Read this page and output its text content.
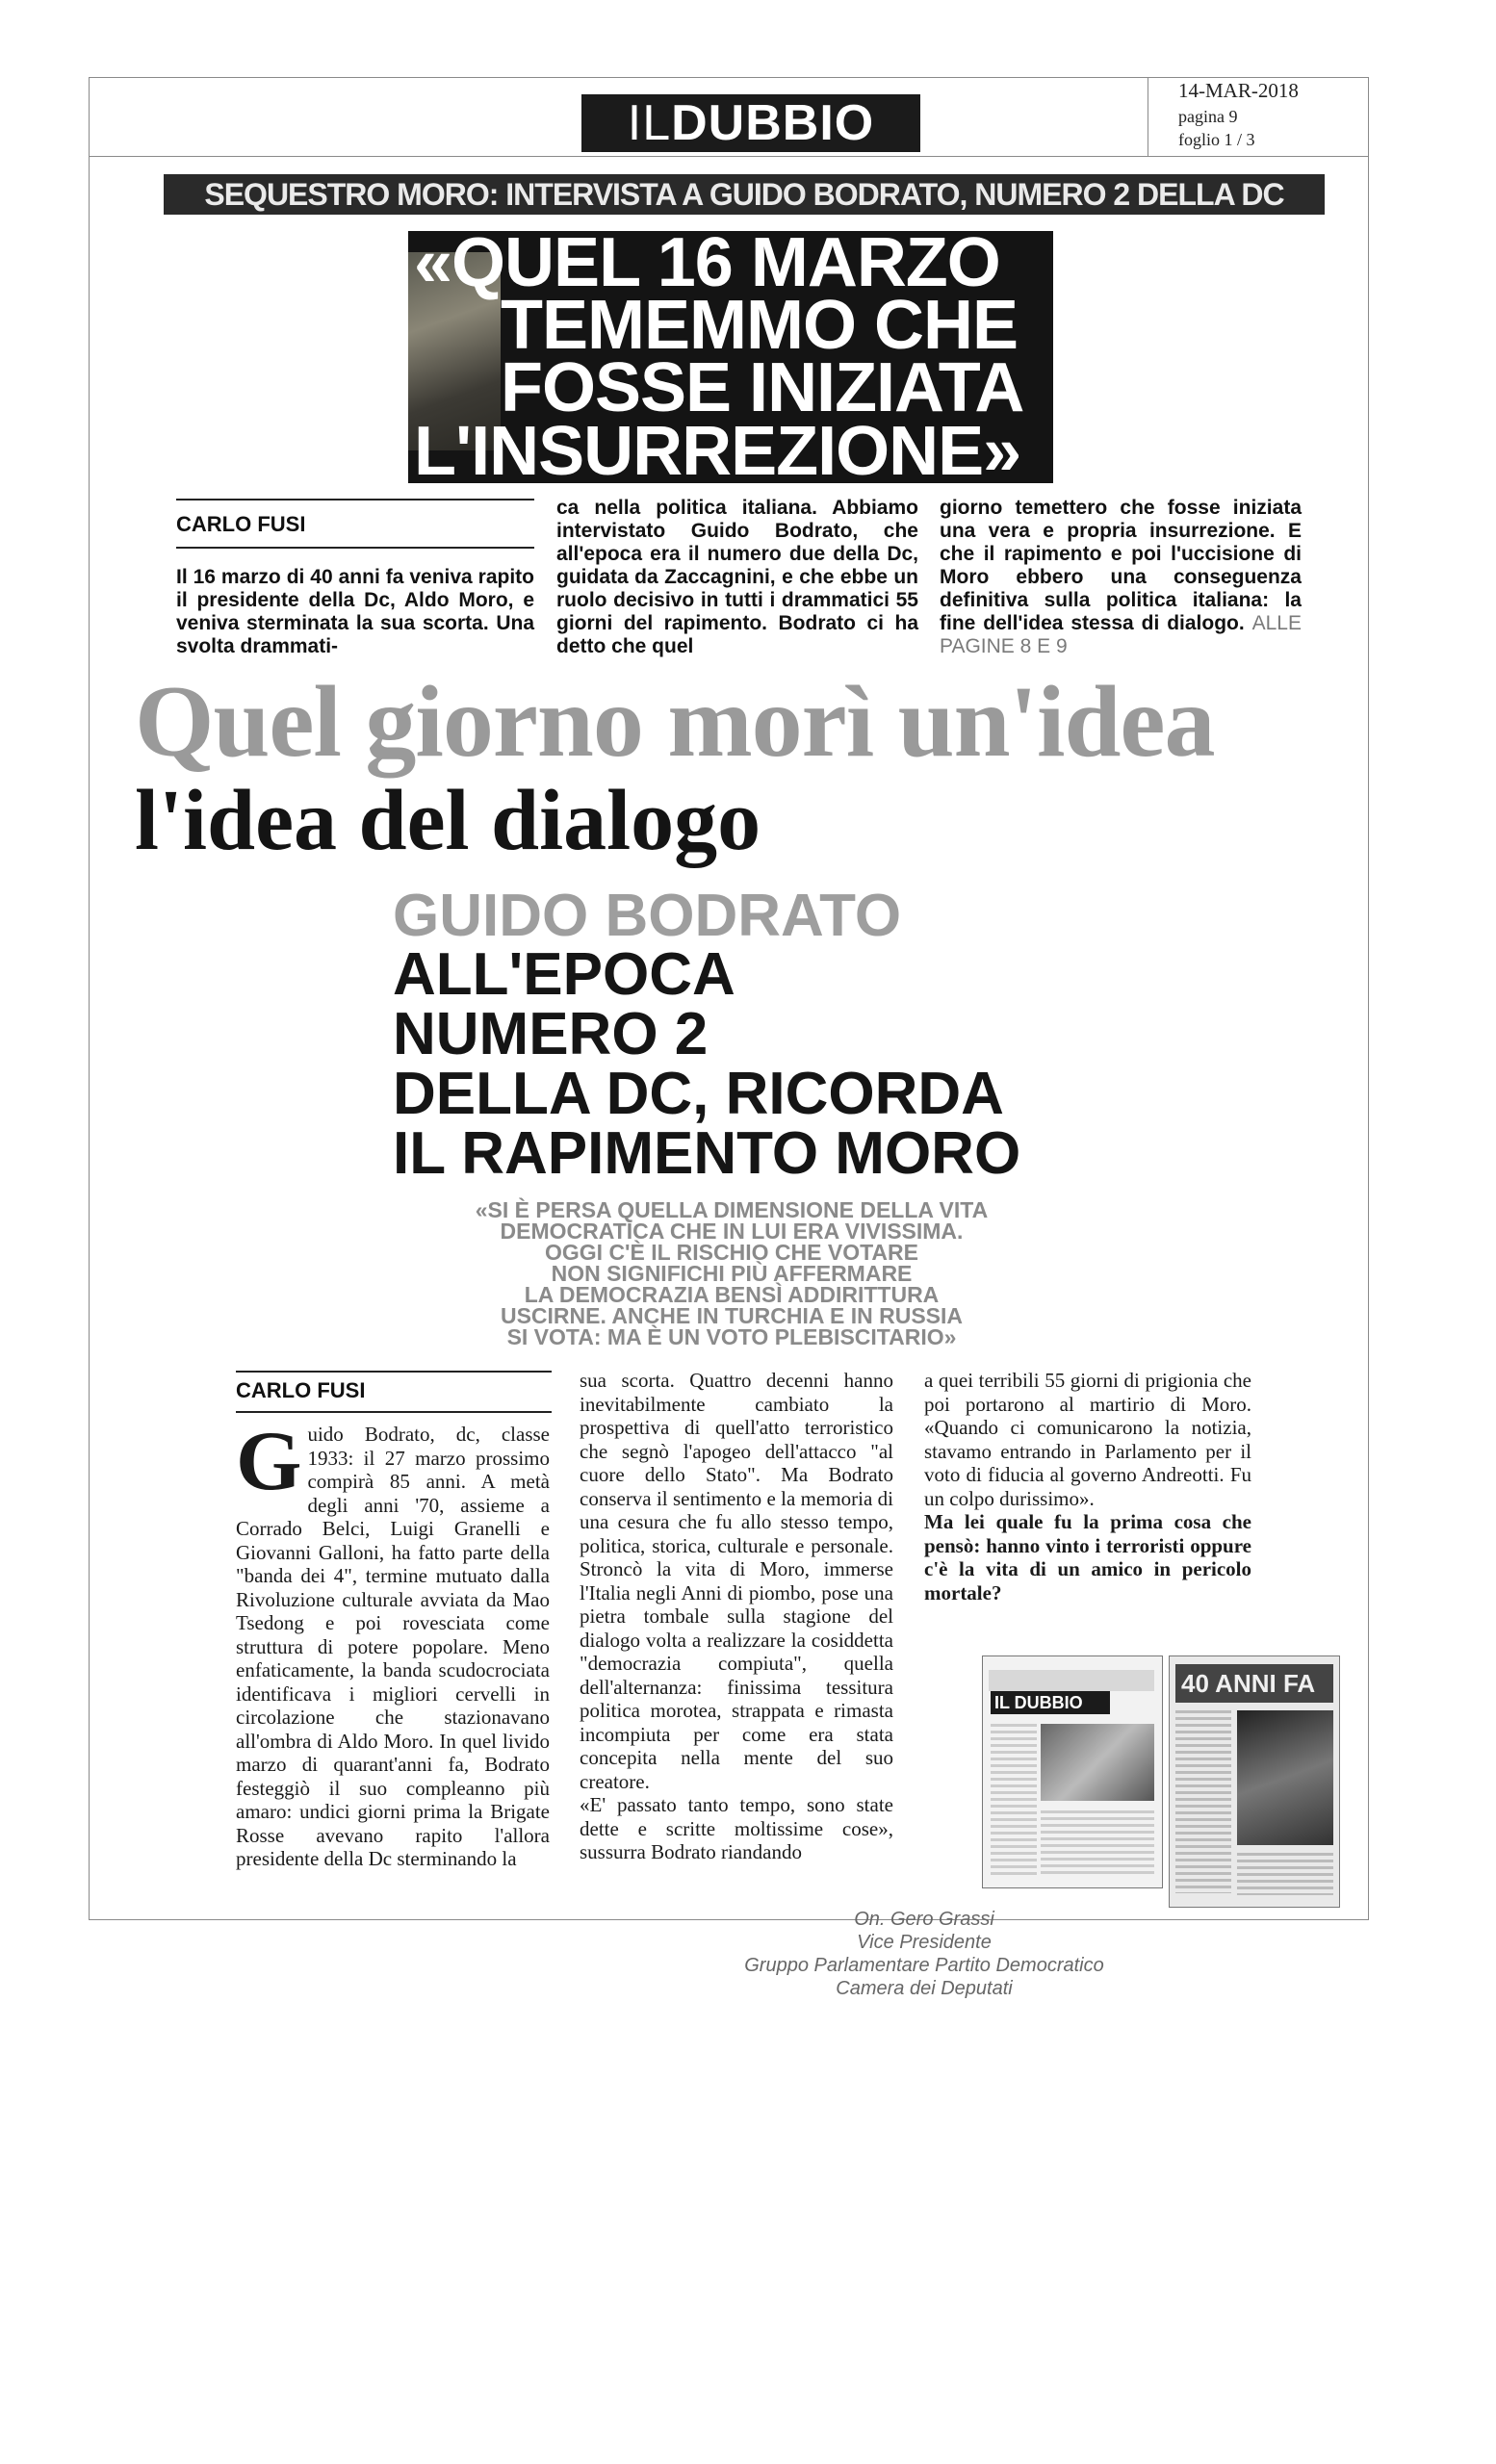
ILDUBBIO
14-MAR-2018
pagina 9
foglio 1 / 3
SEQUESTRO MORO: INTERVISTA A GUIDO BODRATO, NUMERO 2 DELLA DC
«QUEL 16 MARZO
TEMEMMO CHE
FOSSE INIZIATA
L'INSURREZIONE»
CARLO FUSI
Il 16 marzo di 40 anni fa veniva rapito il presidente della Dc, Aldo Moro, e veniva sterminata la sua scorta. Una svolta drammati-
ca nella politica italiana. Abbiamo intervistato Guido Bodrato, che all'epoca era il numero due della Dc, guidata da Zaccagnini, e che ebbe un ruolo decisivo in tutti i drammatici 55 giorni del rapimento. Bodrato ci ha detto che quel
giorno temettero che fosse iniziata una vera e propria insurrezione. E che il rapimento e poi l'uccisione di Moro ebbero una conseguenza definitiva sulla politica italiana: la fine dell'idea stessa di dialogo. ALLE PAGINE 8 E 9
Quel giorno morì un'idea
l'idea del dialogo
GUIDO BODRATO
ALL'EPOCA
NUMERO 2
DELLA DC, RICORDA
IL RAPIMENTO MORO
«SI È PERSA QUELLA DIMENSIONE DELLA VITA
DEMOCRATICA CHE IN LUI ERA VIVISSIMA.
OGGI C'È IL RISCHIO CHE VOTARE
NON SIGNIFICHI PIÙ AFFERMARE
LA DEMOCRAZIA BENSÌ ADDIRITTURA
USCIRNE. ANCHE IN TURCHIA E IN RUSSIA
SI VOTA: MA È UN VOTO PLEBISCITARIO»
CARLO FUSI
Guido Bodrato, dc, classe 1933: il 27 marzo prossimo compirà 85 anni. A metà degli anni '70, assieme a Corrado Belci, Luigi Granelli e Giovanni Galloni, ha fatto parte della "banda dei 4", termine mutuato dalla Rivoluzione culturale avviata da Mao Tsedong e poi rovesciata come struttura di potere popolare. Meno enfaticamente, la banda scudocrociata identificava i migliori cervelli in circolazione che stazionavano all'ombra di Aldo Moro. In quel livido marzo di quarant'anni fa, Bodrato festeggiò il suo compleanno più amaro: undici giorni prima la Brigate Rosse avevano rapito l'allora presidente della Dc sterminando la
sua scorta. Quattro decenni hanno inevitabilmente cambiato la prospettiva di quell'atto terroristico che segnò l'apogeo dell'attacco "al cuore dello Stato". Ma Bodrato conserva il sentimento e la memoria di una cesura che fu allo stesso tempo, politica, storica, culturale e personale. Stroncò la vita di Moro, immerse l'Italia negli Anni di piombo, pose una pietra tombale sulla stagione del dialogo volta a realizzare la cosiddetta "democrazia compiuta", quella dell'alternanza: finissima tessitura politica morotea, strappata e rimasta incompiuta per come era stata concepita nella mente del suo creatore.
«E' passato tanto tempo, sono state dette e scritte moltissime cose», sussurra Bodrato riandando
a quei terribili 55 giorni di prigionia che poi portarono al martirio di Moro. «Quando ci comunicarono la notizia, stavamo entrando in Parlamento per il voto di fiducia al governo Andreotti. Fu un colpo durissimo».
Ma lei quale fu la prima cosa che pensò: hanno vinto i terroristi oppure c'è la vita di un amico in pericolo mortale?
IL DUBBIO
40 ANNI FA
On. Gero Grassi
Vice Presidente
Gruppo Parlamentare Partito Democratico
Camera dei Deputati
